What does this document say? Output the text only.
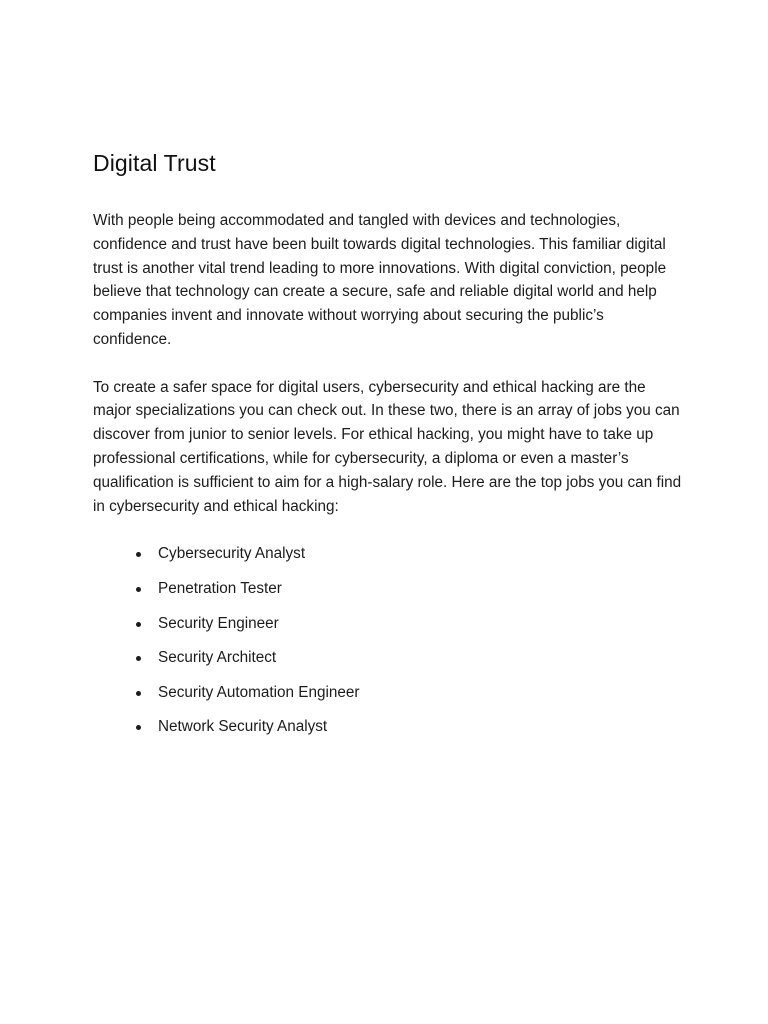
Digital Trust

With people being accommodated and tangled with devices and technologies, confidence and trust have been built towards digital technologies. This familiar digital trust is another vital trend leading to more innovations. With digital conviction, people believe that technology can create a secure, safe and reliable digital world and help companies invent and innovate without worrying about securing the public’s confidence.

To create a safer space for digital users, cybersecurity and ethical hacking are the major specializations you can check out. In these two, there is an array of jobs you can discover from junior to senior levels. For ethical hacking, you might have to take up professional certifications, while for cybersecurity, a diploma or even a master’s qualification is sufficient to aim for a high-salary role. Here are the top jobs you can find in cybersecurity and ethical hacking:

Cybersecurity Analyst
Penetration Tester
Security Engineer
Security Architect
Security Automation Engineer
Network Security Analyst
